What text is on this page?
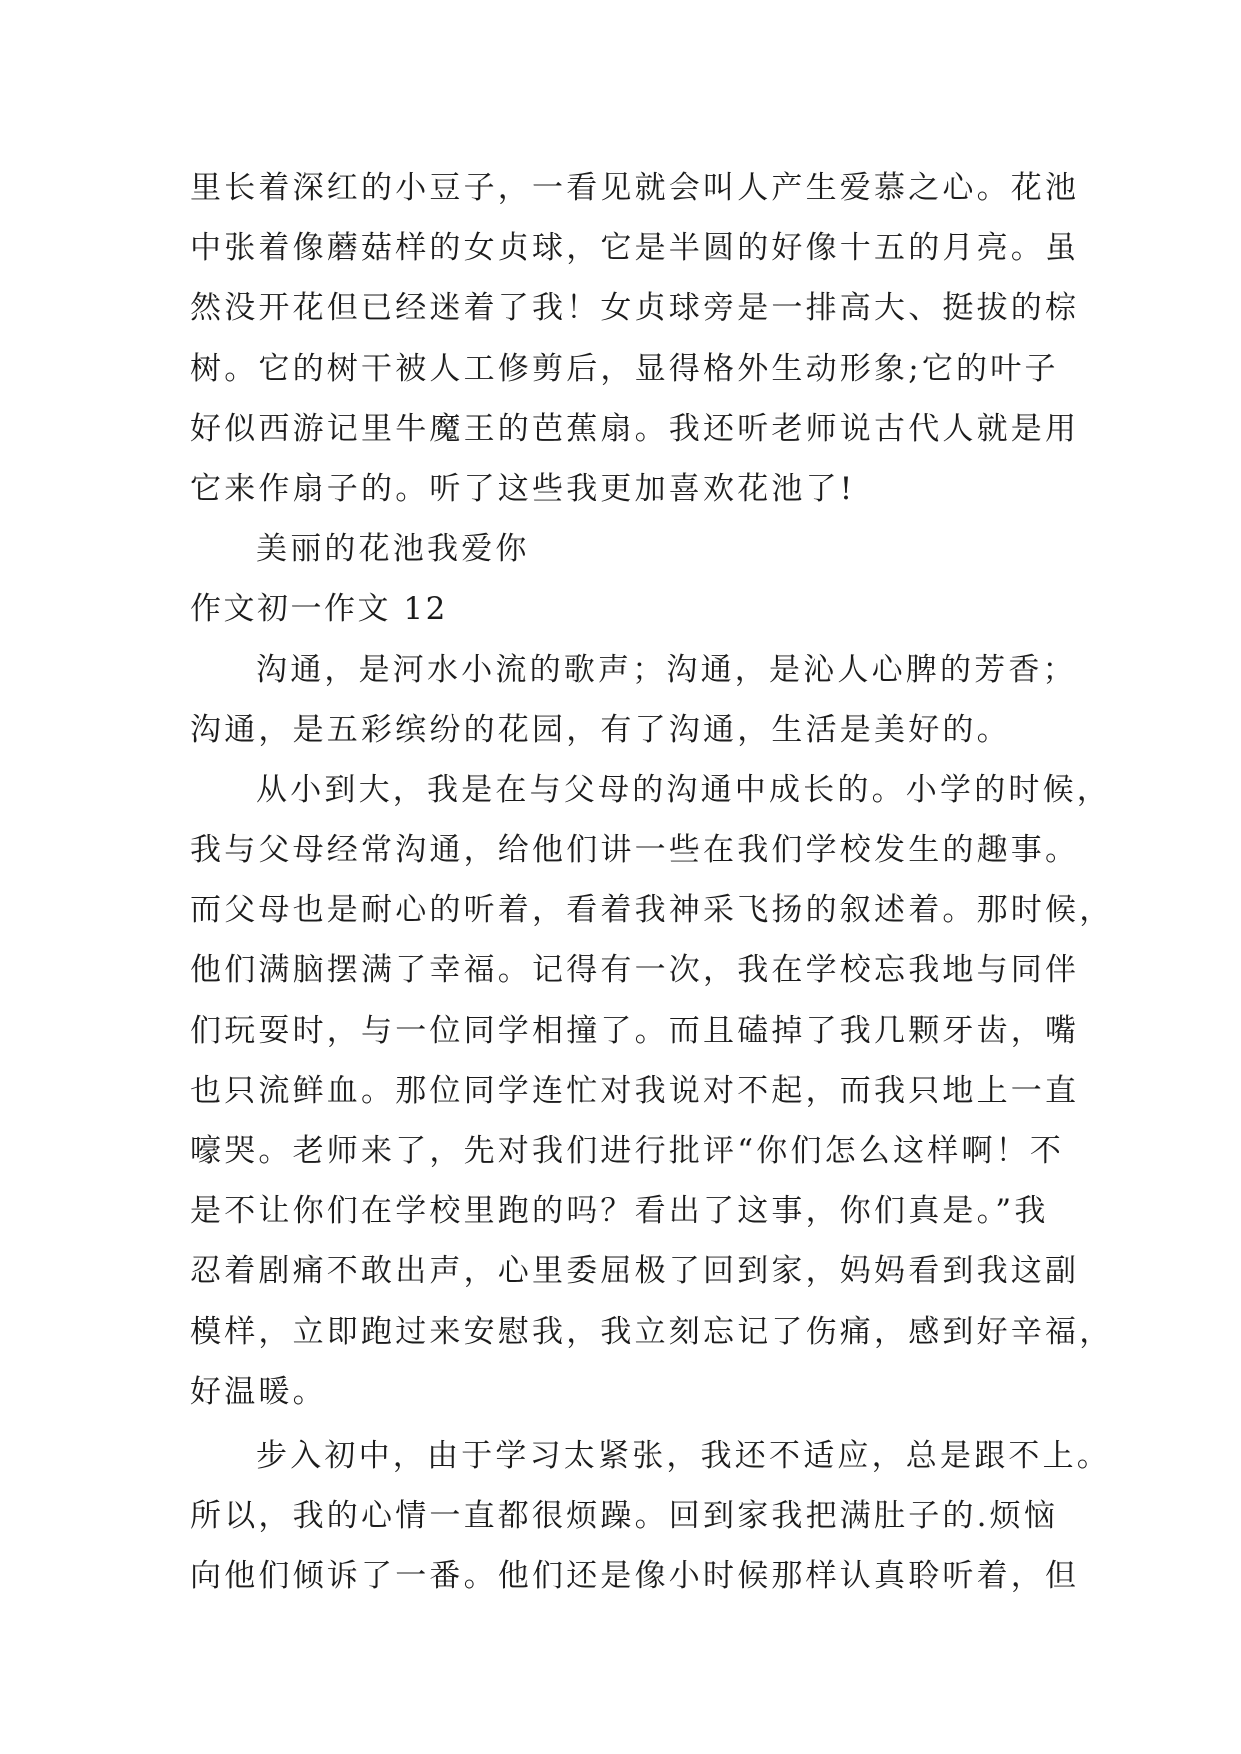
里长着深红的小豆子，一看见就会叫人产生爱慕之心。花池
中张着像蘑菇样的女贞球，它是半圆的好像十五的月亮。虽
然没开花但已经迷着了我！女贞球旁是一排高大、挺拔的棕
树。它的树干被人工修剪后，显得格外生动形象;它的叶子
好似西游记里牛魔王的芭蕉扇。我还听老师说古代人就是用
它来作扇子的。听了这些我更加喜欢花池了!
美丽的花池我爱你
作文初一作文 12
沟通，是河水小流的歌声；沟通，是沁人心脾的芳香；
沟通，是五彩缤纷的花园，有了沟通，生活是美好的。
从小到大，我是在与父母的沟通中成长的。小学的时候，
我与父母经常沟通，给他们讲一些在我们学校发生的趣事。
而父母也是耐心的听着，看着我神采飞扬的叙述着。那时候，
他们满脑摆满了幸福。记得有一次，我在学校忘我地与同伴
们玩耍时，与一位同学相撞了。而且磕掉了我几颗牙齿，嘴
也只流鲜血。那位同学连忙对我说对不起，而我只地上一直
嚎哭。老师来了，先对我们进行批评“你们怎么这样啊！不
是不让你们在学校里跑的吗？看出了这事，你们真是。”我
忍着剧痛不敢出声，心里委屈极了回到家，妈妈看到我这副
模样，立即跑过来安慰我，我立刻忘记了伤痛，感到好辛福，
好温暖。
步入初中，由于学习太紧张，我还不适应，总是跟不上。
所以，我的心情一直都很烦躁。回到家我把满肚子的.烦恼
向他们倾诉了一番。他们还是像小时候那样认真聆听着，但
